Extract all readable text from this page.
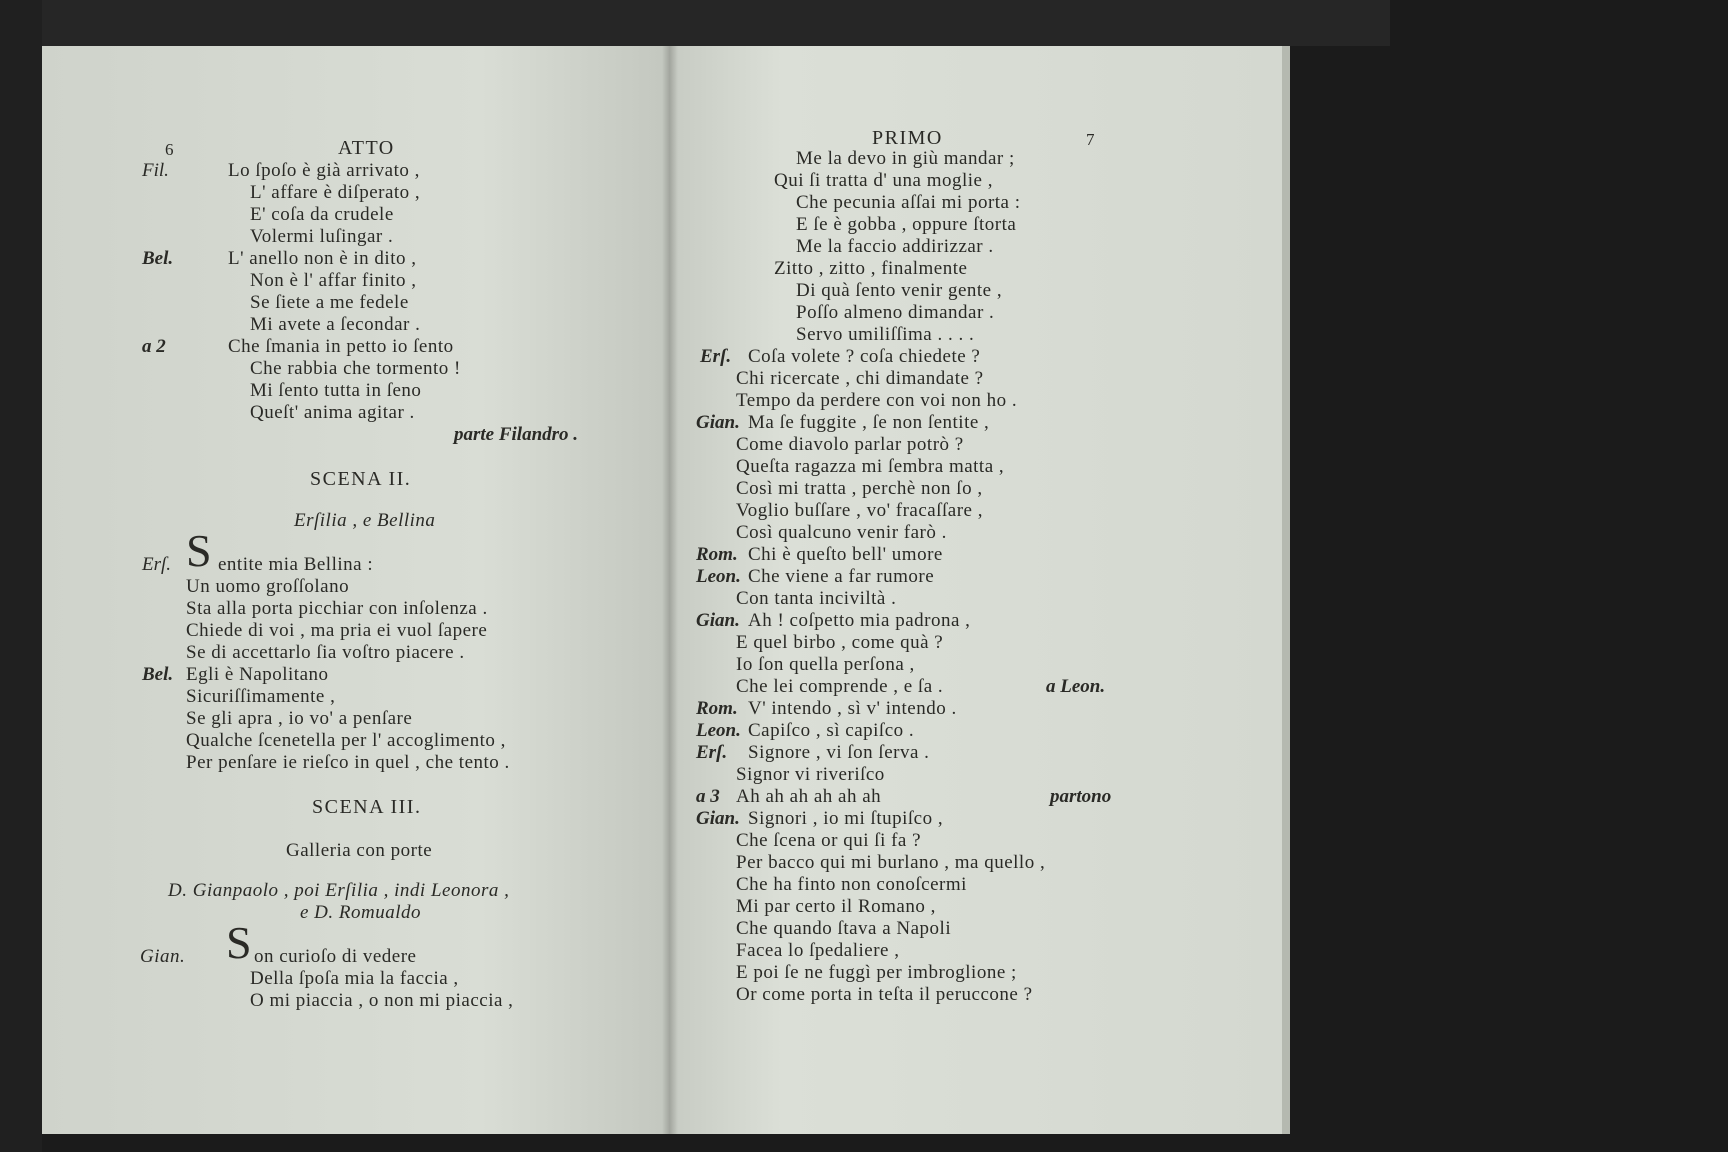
6	ATTO
Fil.	Lo ſpoſo è già arrivato ,
L' affare è diſperato ,
E' coſa da crudele
Volermi luſingar .
Bel.	L' anello non è in dito ,
Non è l' affar finito ,
Se ſiete a me fedele
Mi avete a ſecondar .
a 2	Che ſmania in petto io ſento
Che rabbia che tormento !
Mi ſento tutta in ſeno
Queſt' anima agitar .
parte Filandro .
SCENA II.
Erſilia , e Bellina
Erſ. S entite mia Bellina :
Un uomo groſſolano
Sta alla porta picchiar con inſolenza .
Chiede di voi , ma pria ei vuol ſapere
Se di accettarlo ſia voſtro piacere .
Bel. Egli è Napolitano
Sicuriſſimamente ,
Se gli apra , io vo' a penſare
Qualche ſcenetella per l' accoglimento ,
Per penſare ie rieſco in quel , che tento .
SCENA III.
Galleria con porte
D. Gianpaolo , poi Erſilia , indi Leonora ,
e D. Romualdo
Gian. S on curioſo di vedere
Della ſpoſa mia la faccia ,
O mi piaccia , o non mi piaccia ,
PRIMO	7
Me la devo in giù mandar ;
Qui ſi tratta d' una moglie ,
Che pecunia aſſai mi porta :
E ſe è gobba , oppure ſtorta
Me la faccio addirizzar .
Zitto , zitto , finalmente
Di quà ſento venir gente ,
Poſſo almeno dimandar .
Servo umiliſſima . . . .
Erſ. Coſa volete ? coſa chiedete ?
Chi ricercate , chi dimandate ?
Tempo da perdere con voi non ho .
Gian. Ma ſe fuggite , ſe non ſentite ,
Come diavolo parlar potrò ?
Queſta ragazza mi ſembra matta ,
Così mi tratta , perchè non ſo ,
Voglio buſſare , vo' fracaſſare ,
Così qualcuno venir farò .
Rom. Chi è queſto bell' umore
Leon. Che viene a far rumore
Con tanta inciviltà .
Gian. Ah ! coſpetto mia padrona ,
E quel birbo , come quà ?
Io ſon quella perſona ,
Che lei comprende , e ſa .	a Leon.
Rom. V' intendo , sì v' intendo .
Leon. Capiſco , sì capiſco .
Erſ. Signore , vi ſon ſerva .
Signor vi riveriſco
a 3 Ah ah ah ah ah ah	partono
Gian. Signori , io mi ſtupiſco ,
Che ſcena or qui ſi fa ?
Per bacco qui mi burlano , ma quello ,
Che ha finto non conoſcermi
Mi par certo il Romano ,
Che quando ſtava a Napoli
Facea lo ſpedaliere ,
E poi ſe ne fuggì per imbroglione ;
Or come porta in teſta il peruccone ?
